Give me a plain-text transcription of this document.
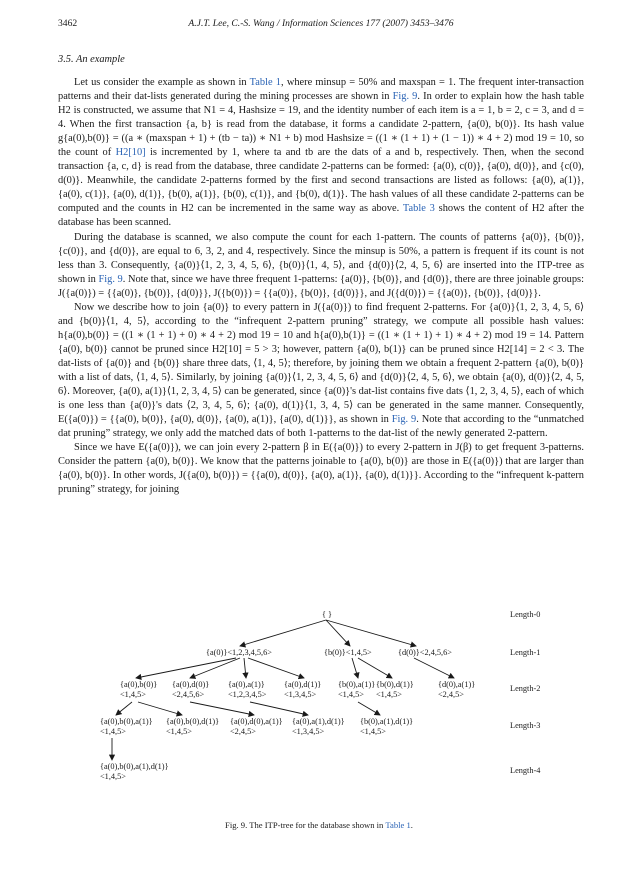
3462	A.J.T. Lee, C.-S. Wang / Information Sciences 177 (2007) 3453–3476
3.5. An example

Let us consider the example as shown in Table 1, where minsup = 50% and maxspan = 1. The frequent inter-transaction patterns and their dat-lists generated during the mining processes are shown in Fig. 9. In order to explain how the hash table H2 is constructed, we assume that N1 = 4, Hashsize = 19, and the identity number of each item is a = 1, b = 2, c = 3, and d = 4. When the first transaction {a, b} is read from the database, it forms a candidate 2-pattern, {a(0), b(0)}. Its hash value g{a(0),b(0)} = ((a ∗ (maxspan + 1) + (tb − ta)) ∗ N1 + b) mod Hashsize = ((1 ∗ (1 + 1) + (1 − 1)) ∗ 4 + 2) mod 19 = 10, so the count of H2[10] is incremented by 1, where ta and tb are the dats of a and b, respectively. Then, when the second transaction {a, c, d} is read from the database, three candidate 2-patterns can be formed: {a(0), c(0)}, {a(0), d(0)}, and {c(0), d(0)}. Meanwhile, the candidate 2-patterns formed by the first and second transactions are listed as follows: {a(0), a(1)}, {a(0), c(1)}, {a(0), d(1)}, {b(0), a(1)}, {b(0), c(1)}, and {b(0), d(1)}. The hash values of all these candidate 2-patterns can be computed and the counts in H2 can be incremented in the same way as above. Table 3 shows the content of H2 after the database has been scanned.

During the database is scanned, we also compute the count for each 1-pattern. The counts of patterns {a(0)}, {b(0)}, {c(0)}, and {d(0)}, are equal to 6, 3, 2, and 4, respectively. Since the minsup is 50%, a pattern is frequent if its count is not less than 3. Consequently, {a(0)}⟨1, 2, 3, 4, 5, 6⟩, {b(0)}⟨1, 4, 5⟩, and {d(0)}⟨2, 4, 5, 6⟩ are inserted into the ITP-tree as shown in Fig. 9. Note that, since we have three frequent 1-patterns: {a(0)}, {b(0)}, and {d(0)}, there are three joinable groups: J({a(0)}) = {{a(0)}, {b(0)}, {d(0)}}, J({b(0)}) = {{a(0)}, {b(0)}, {d(0)}}, and J({d(0)}) = {{a(0)}, {b(0)}, {d(0)}}.

Now we describe how to join {a(0)} to every pattern in J({a(0)}) to find frequent 2-patterns. For {a(0)}⟨1, 2, 3, 4, 5, 6⟩ and {b(0)}⟨1, 4, 5⟩, according to the “infrequent 2-pattern pruning” strategy, we compute all possible hash values: h{a(0),b(0)} = ((1 ∗ (1 + 1) + 0) ∗ 4 + 2) mod 19 = 10 and h{a(0),b(1)} = ((1 ∗ (1 + 1) + 1) ∗ 4 + 2) mod 19 = 14. Pattern {a(0), b(0)} cannot be pruned since H2[10] = 5 > 3; however, pattern {a(0), b(1)} can be pruned since H2[14] = 2 < 3. The dat-lists of {a(0)} and {b(0)} share three dats, ⟨1, 4, 5⟩; therefore, by joining them we obtain a frequent 2-pattern {a(0), b(0)} with a list of dats, ⟨1, 4, 5⟩. Similarly, by joining {a(0)}⟨1, 2, 3, 4, 5, 6⟩ and {d(0)}⟨2, 4, 5, 6⟩, we obtain {a(0), d(0)}⟨2, 4, 5, 6⟩. Moreover, {a(0), a(1)}⟨1, 2, 3, 4, 5⟩ can be generated, since {a(0)}'s dat-list contains five dats ⟨1, 2, 3, 4, 5⟩, each of which is one less than {a(0)}'s dats ⟨2, 3, 4, 5, 6⟩; {a(0), d(1)}⟨1, 3, 4, 5⟩ can be generated in the same manner. Consequently, E({a(0)}) = {{a(0), b(0)}, {a(0), d(0)}, {a(0), a(1)}, {a(0), d(1)}}, as shown in Fig. 9. Note that according to the “unmatched dat pruning” strategy, we only add the matched dats of both 1-patterns to the dat-list of the newly generated 2-pattern.

Since we have E({a(0)}), we can join every 2-pattern β in E({a(0)}) to every 2-pattern in J(β) to get frequent 3-patterns. Consider the pattern {a(0), b(0)}. We know that the patterns joinable to {a(0), b(0)} are those in E({a(0)}) that are larger than {a(0), b(0)}. In other words, J({a(0), b(0)}) = {{a(0), d(0)}, {a(0), a(1)}, {a(0), d(1)}}. According to the “infrequent k-pattern pruning” strategy, for joining

Length-0
Length-1
Length-2
Length-3
Length-4
{ }
{a(0)}<1,2,3,4,5,6>	{b(0)}<1,4,5>	{d(0)}<2,4,5,6>
{a(0),b(0)}
<1,4,5>
{a(0),d(0)}
<2,4,5,6>
{a(0),a(1)}
<1,2,3,4,5>
{a(0),d(1)}
<1,3,4,5>
{b(0),a(1)}
<1,4,5>
{b(0),d(1)}
<1,4,5>
{d(0),a(1)}
<2,4,5>
{a(0),b(0),a(1)}
<1,4,5>
{a(0),b(0),d(1)}
<1,4,5>
{a(0),d(0),a(1)}
<2,4,5>
{a(0),a(1),d(1)}
<1,3,4,5>
{b(0),a(1),d(1)}
<1,4,5>
{a(0),b(0),a(1),d(1)}
<1,4,5>
Fig. 9. The ITP-tree for the database shown in Table 1.
